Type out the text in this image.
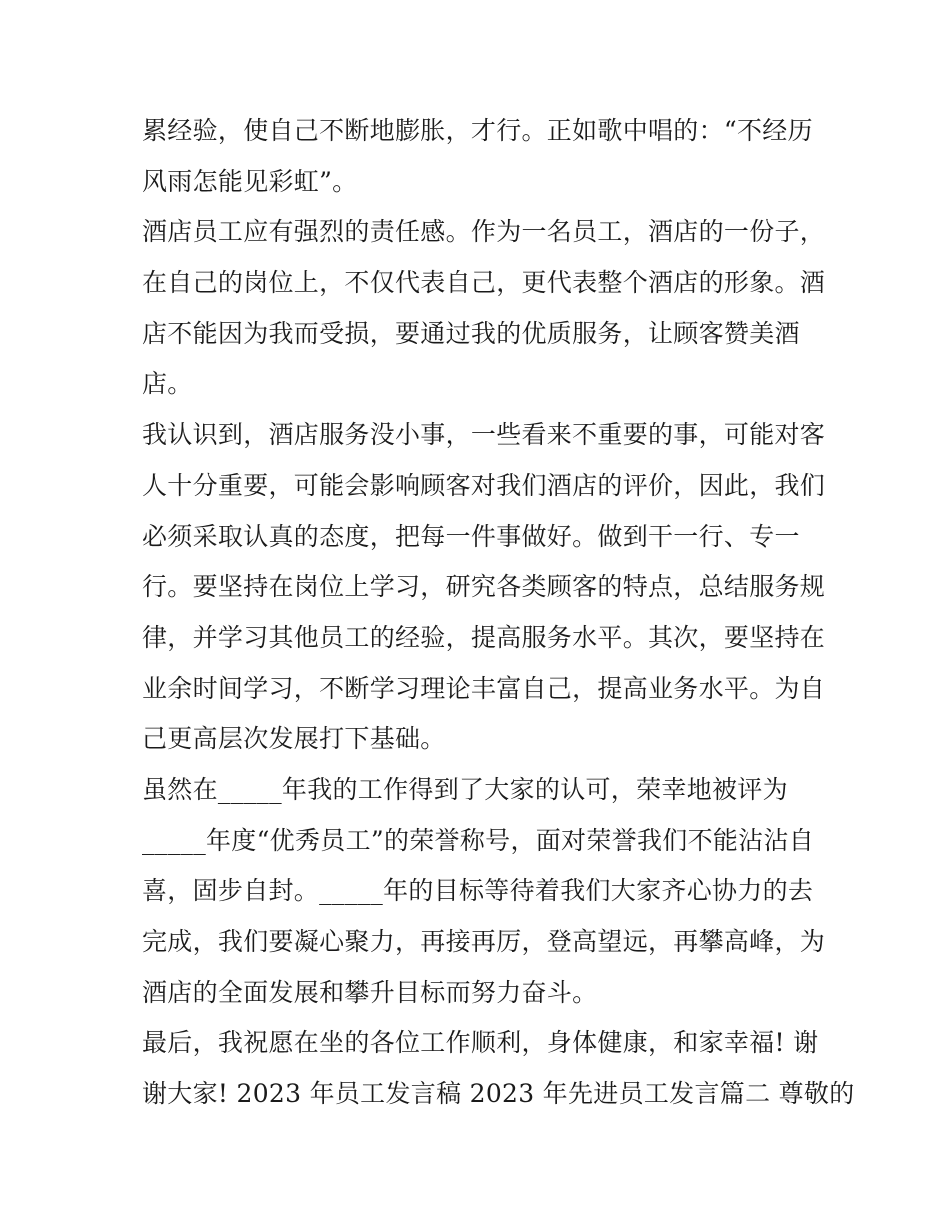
累经验，使自己不断地膨胀，才行。正如歌中唱的：“不经历
风雨怎能见彩虹”。
酒店员工应有强烈的责任感。作为一名员工，酒店的一份子，
在自己的岗位上，不仅代表自己，更代表整个酒店的形象。酒
店不能因为我而受损，要通过我的优质服务，让顾客赞美酒
店。
我认识到，酒店服务没小事，一些看来不重要的事，可能对客
人十分重要，可能会影响顾客对我们酒店的评价，因此，我们
必须采取认真的态度，把每一件事做好。做到干一行、专一
行。要坚持在岗位上学习，研究各类顾客的特点，总结服务规
律，并学习其他员工的经验，提高服务水平。其次，要坚持在
业余时间学习，不断学习理论丰富自己，提高业务水平。为自
己更高层次发展打下基础。
虽然在_____年我的工作得到了大家的认可，荣幸地被评为
_____年度“优秀员工”的荣誉称号，面对荣誉我们不能沾沾自
喜，固步自封。_____年的目标等待着我们大家齐心协力的去
完成，我们要凝心聚力，再接再厉，登高望远，再攀高峰，为
酒店的全面发展和攀升目标而努力奋斗。
最后，我祝愿在坐的各位工作顺利，身体健康，和家幸福! 谢
谢大家! 2023 年员工发言稿 2023 年先进员工发言篇二 尊敬的
